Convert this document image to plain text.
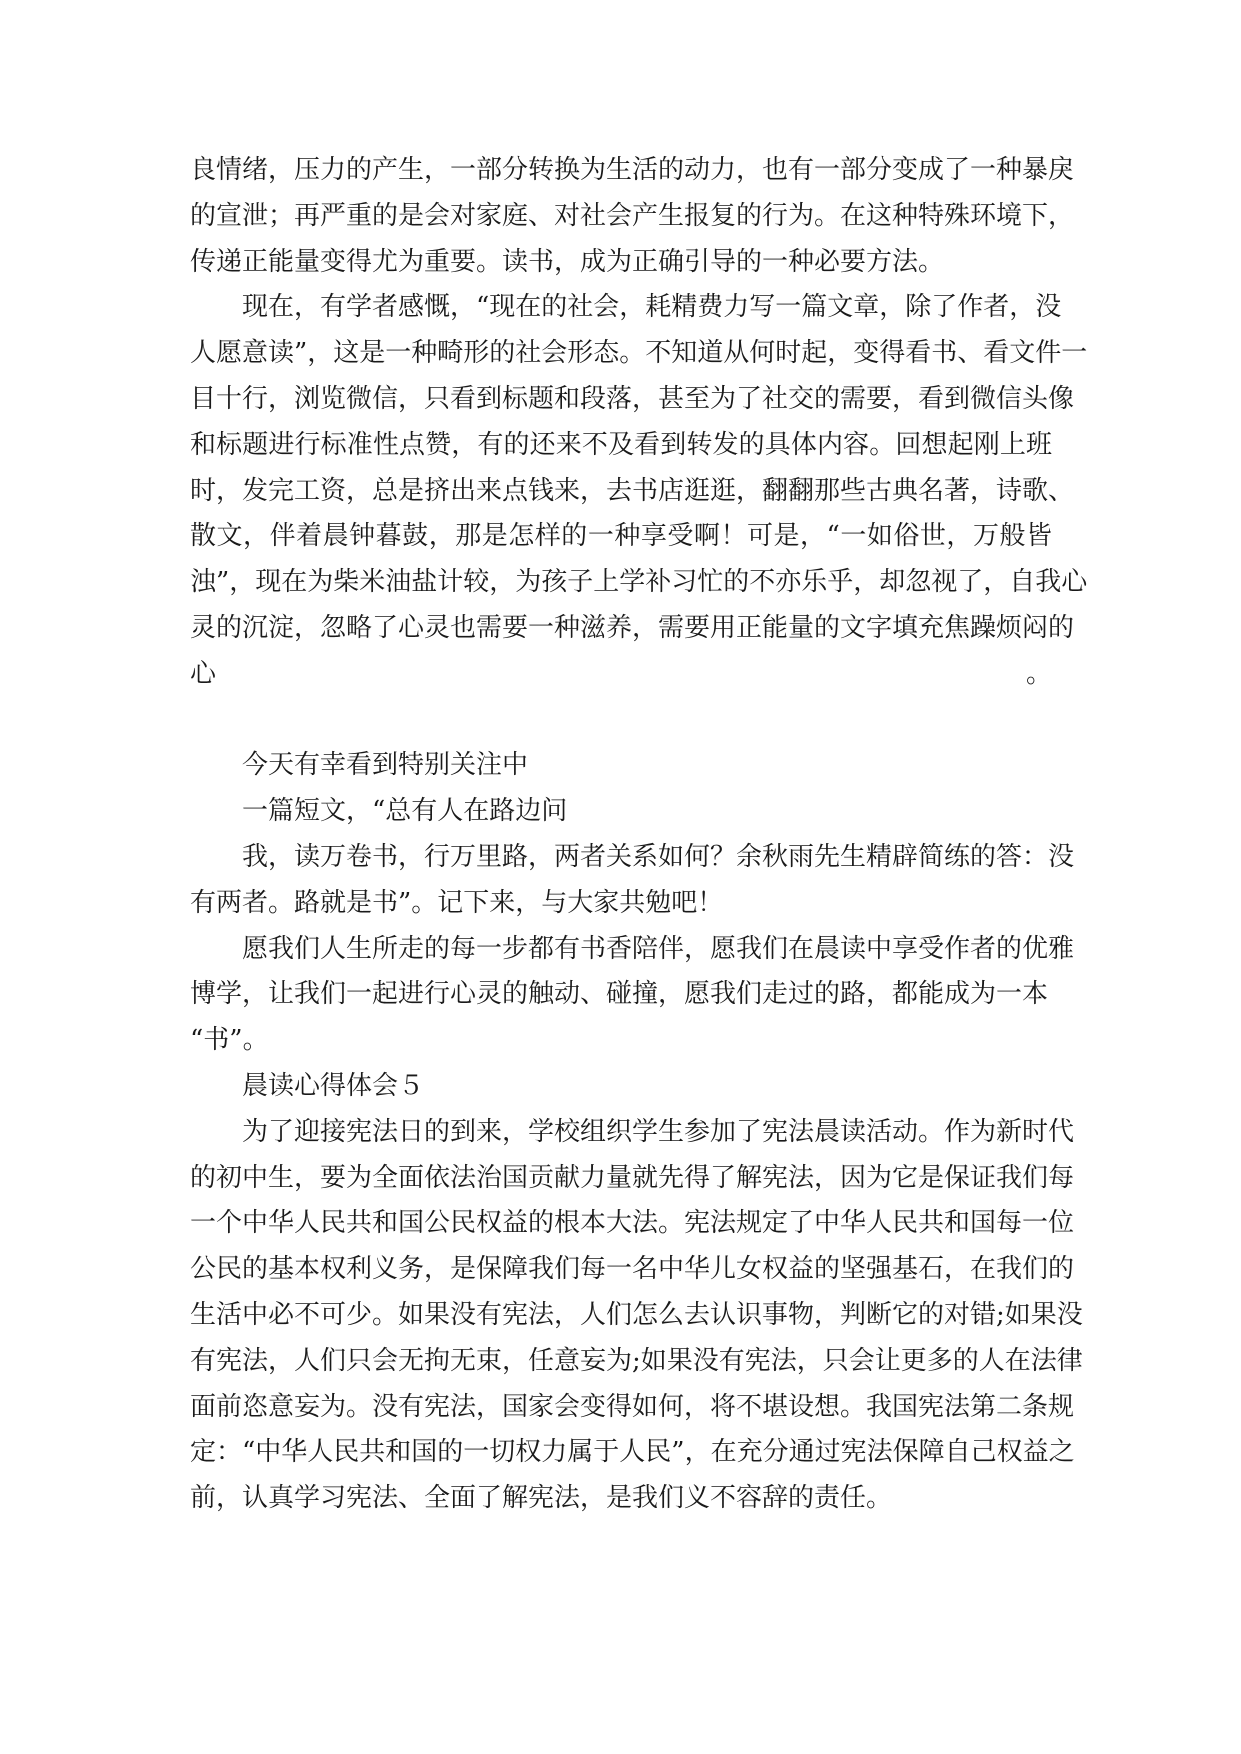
良情绪，压力的产生，一部分转换为生活的动力，也有一部分变成了一种暴戾
的宣泄；再严重的是会对家庭、对社会产生报复的行为。在这种特殊环境下，
传递正能量变得尤为重要。读书，成为正确引导的一种必要方法。
现在，有学者感慨，“现在的社会，耗精费力写一篇文章，除了作者，没
人愿意读”，这是一种畸形的社会形态。不知道从何时起，变得看书、看文件一
目十行，浏览微信，只看到标题和段落，甚至为了社交的需要，看到微信头像
和标题进行标准性点赞，有的还来不及看到转发的具体内容。回想起刚上班
时，发完工资，总是挤出来点钱来，去书店逛逛，翻翻那些古典名著，诗歌、
散文，伴着晨钟暮鼓，那是怎样的一种享受啊！可是，“一如俗世，万般皆
浊”，现在为柴米油盐计较，为孩子上学补习忙的不亦乐乎，却忽视了，自我心
灵的沉淀，忽略了心灵也需要一种滋养，需要用正能量的文字填充焦躁烦闷的
心。
今天有幸看到特别关注中
一篇短文，“总有人在路边问
我，读万卷书，行万里路，两者关系如何？余秋雨先生精辟简练的答：没
有两者。路就是书”。记下来，与大家共勉吧！
愿我们人生所走的每一步都有书香陪伴，愿我们在晨读中享受作者的优雅
博学，让我们一起进行心灵的触动、碰撞，愿我们走过的路，都能成为一本
“书”。
晨读心得体会５
为了迎接宪法日的到来，学校组织学生参加了宪法晨读活动。作为新时代
的初中生，要为全面依法治国贡献力量就先得了解宪法，因为它是保证我们每
一个中华人民共和国公民权益的根本大法。宪法规定了中华人民共和国每一位
公民的基本权利义务，是保障我们每一名中华儿女权益的坚强基石，在我们的
生活中必不可少。如果没有宪法，人们怎么去认识事物，判断它的对错;如果没
有宪法，人们只会无拘无束，任意妄为;如果没有宪法，只会让更多的人在法律
面前恣意妄为。没有宪法，国家会变得如何，将不堪设想。我国宪法第二条规
定：“中华人民共和国的一切权力属于人民”，在充分通过宪法保障自己权益之
前，认真学习宪法、全面了解宪法，是我们义不容辞的责任。
